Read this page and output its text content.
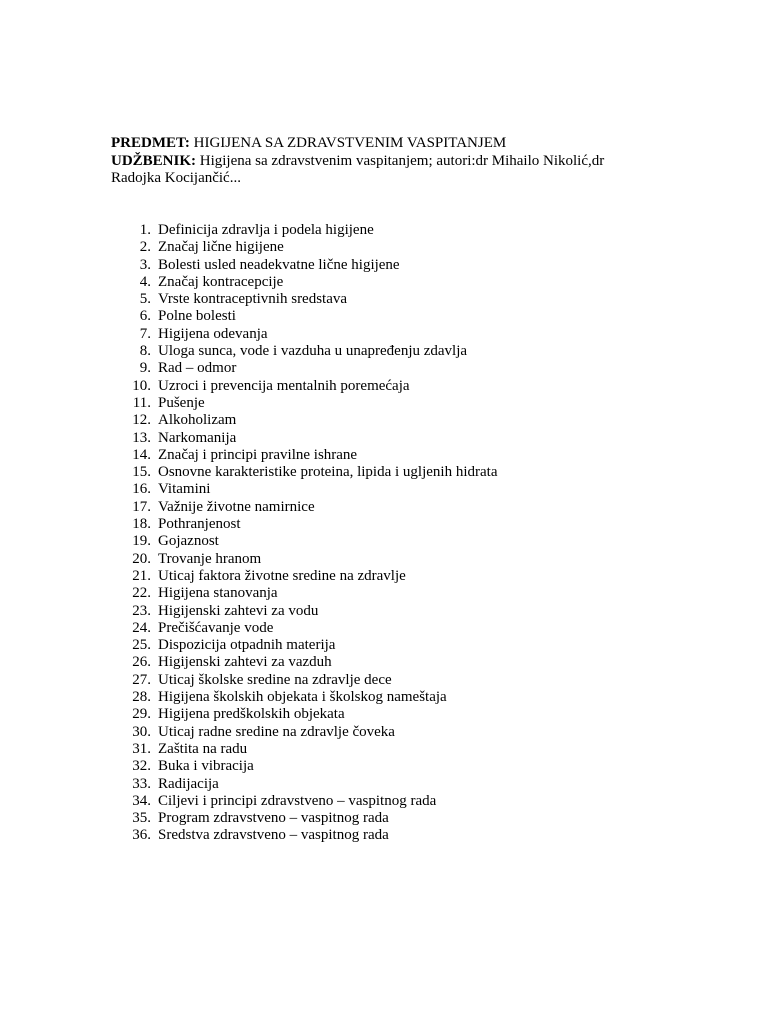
PREDMET: HIGIJENA SA ZDRAVSTVENIM VASPITANJEM
UDŽBENIK: Higijena sa zdravstvenim vaspitanjem; autori:dr Mihailo Nikolić,dr
Radojka Kocijančić...
1. Definicija zdravlja i podela higijene
2. Značaj lične higijene
3. Bolesti usled neadekvatne lične higijene
4. Značaj kontracepcije
5. Vrste kontraceptivnih sredstava
6. Polne bolesti
7. Higijena odevanja
8. Uloga sunca, vode i vazduha u unapređenju zdavlja
9. Rad – odmor
10. Uzroci i prevencija mentalnih poremećaja
11. Pušenje
12. Alkoholizam
13. Narkomanija
14. Značaj i principi pravilne ishrane
15. Osnovne karakteristike proteina, lipida i ugljenih hidrata
16. Vitamini
17. Važnije životne namirnice
18. Pothranjenost
19. Gojaznost
20. Trovanje hranom
21. Uticaj faktora životne sredine na zdravlje
22. Higijena stanovanja
23. Higijenski zahtevi za vodu
24. Prečišćavanje vode
25. Dispozicija otpadnih materija
26. Higijenski zahtevi za vazduh
27. Uticaj školske sredine na zdravlje dece
28. Higijena školskih objekata i školskog nameštaja
29. Higijena predškolskih objekata
30. Uticaj radne sredine na zdravlje čoveka
31. Zaštita na radu
32. Buka i vibracija
33. Radijacija
34. Ciljevi i principi zdravstveno – vaspitnog rada
35. Program zdravstveno – vaspitnog rada
36. Sredstva zdravstveno – vaspitnog rada
